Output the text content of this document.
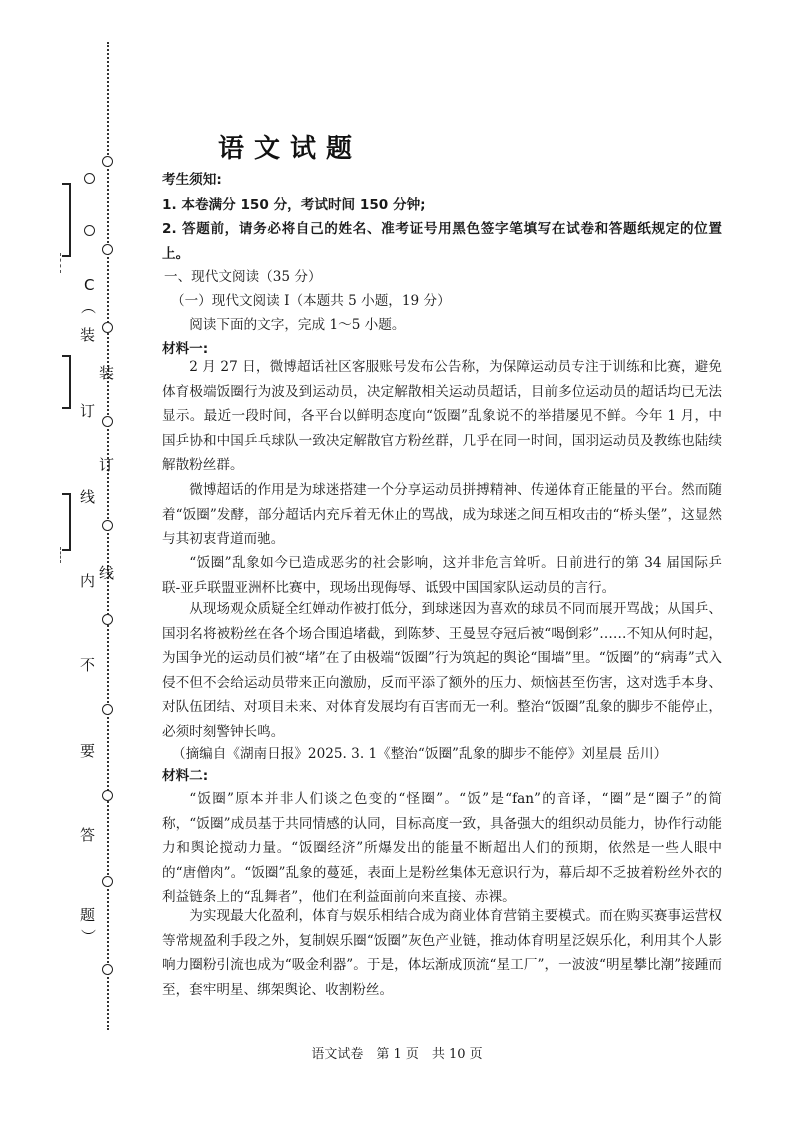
C
︵
装
装
订
订
线
线
内
不
要
答
题
︶
语文试题

考生须知:

1. 本卷满分 150 分，考试时间 150 分钟;

2. 答题前，请务必将自己的姓名、准考证号用黑色签字笔填写在试卷和答题纸规定的位置上。

一、现代文阅读（35 分）

（一）现代文阅读 I（本题共 5 小题，19 分）

阅读下面的文字，完成 1～5 小题。

材料一:

2 月 27 日，微博超话社区客服账号发布公告称，为保障运动员专注于训练和比赛，避免体育极端饭圈行为波及到运动员，决定解散相关运动员超话，目前多位运动员的超话均已无法显示。最近一段时间，各平台以鲜明态度向“饭圈”乱象说不的举措屡见不鲜。今年 1 月，中国乒协和中国乒乓球队一致决定解散官方粉丝群，几乎在同一时间，国羽运动员及教练也陆续解散粉丝群。

微博超话的作用是为球迷搭建一个分享运动员拼搏精神、传递体育正能量的平台。然而随着“饭圈”发酵，部分超话内充斥着无休止的骂战，成为球迷之间互相攻击的“桥头堡”，这显然与其初衷背道而驰。

“饭圈”乱象如今已造成恶劣的社会影响，这并非危言耸听。日前进行的第 34 届国际乒联-亚乒联盟亚洲杯比赛中，现场出现侮辱、诋毁中国国家队运动员的言行。

从现场观众质疑全红婵动作被打低分，到球迷因为喜欢的球员不同而展开骂战；从国乒、国羽名将被粉丝在各个场合围追堵截，到陈梦、王曼昱夺冠后被“喝倒彩”……不知从何时起，为国争光的运动员们被“堵”在了由极端“饭圈”行为筑起的舆论“围墙”里。“饭圈”的“病毒”式入侵不但不会给运动员带来正向激励，反而平添了额外的压力、烦恼甚至伤害，这对选手本身、对队伍团结、对项目未来、对体育发展均有百害而无一利。整治“饭圈”乱象的脚步不能停止，必须时刻警钟长鸣。

（摘编自《湖南日报》2025. 3. 1《整治“饭圈”乱象的脚步不能停》刘星晨 岳川）

材料二:

“饭圈”原本并非人们谈之色变的“怪圈”。“饭”是“fan”的音译，“圈”是“圈子”的简称，“饭圈”成员基于共同情感的认同，目标高度一致，具备强大的组织动员能力，协作行动能力和舆论搅动力量。“饭圈经济”所爆发出的能量不断超出人们的预期，依然是一些人眼中的“唐僧肉”。“饭圈”乱象的蔓延，表面上是粉丝集体无意识行为，幕后却不乏披着粉丝外衣的利益链条上的“乱舞者”，他们在利益面前向来直接、赤裸。

为实现最大化盈利，体育与娱乐相结合成为商业体育营销主要模式。而在购买赛事运营权等常规盈利手段之外，复制娱乐圈“饭圈”灰色产业链，推动体育明星泛娱乐化，利用其个人影响力圈粉引流也成为“吸金利器”。于是，体坛渐成顶流“星工厂”，一波波“明星攀比潮”接踵而至，套牢明星、绑架舆论、收割粉丝。

语文试卷　第 1 页　共 10 页
